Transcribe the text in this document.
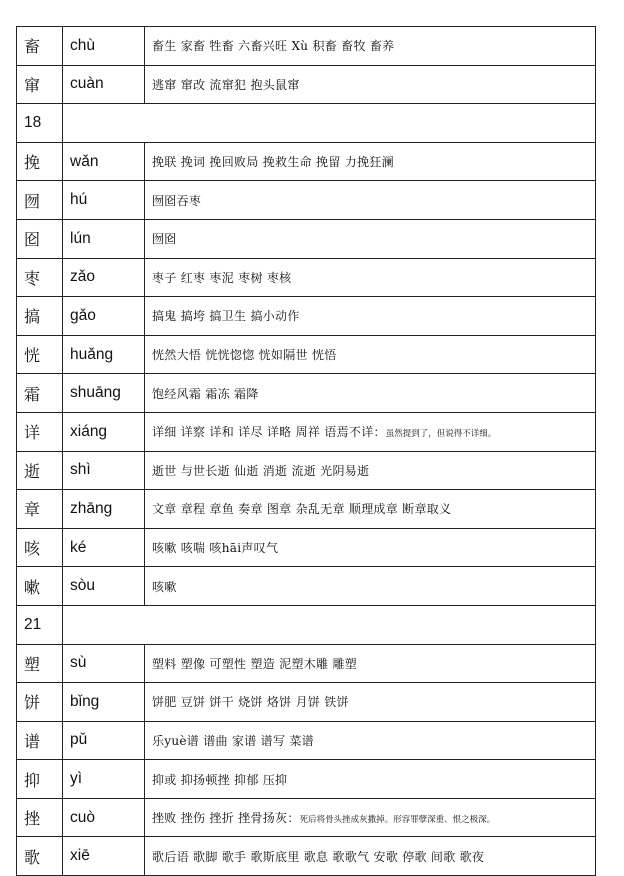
畜	chù	畜生 家畜 牲畜 六畜兴旺 Xù 积畜 畜牧 畜养
窜	cuàn	逃窜 窜改 流窜犯 抱头鼠窜
18		
挽	wǎn	挽联 挽词 挽回败局 挽救生命 挽留 力挽狂澜
囫	hú	囫囵吞枣
囵	lún	囫囵
枣	zǎo	枣子 红枣 枣泥 枣树 枣核
搞	gǎo	搞鬼 搞垮 搞卫生 搞小动作
恍	huǎng	恍然大悟 恍恍惚惚 恍如隔世 恍悟
霜	shuāng	饱经风霜 霜冻 霜降
详	xiáng	详细 详察 详和 详尽 详略 周祥 语焉不详：虽然提到了，但说得不详细。
逝	shì	逝世 与世长逝 仙逝 消逝 流逝 光阴易逝
章	zhāng	文章 章程 章鱼 奏章 图章 杂乱无章 顺理成章 断章取义
咳	ké	咳嗽 咳喘 咳hāi声叹气
嗽	sòu	咳嗽
21		
塑	sù	塑料 塑像 可塑性 塑造 泥塑木雕 雕塑
饼	bǐng	饼肥 豆饼 饼干 烧饼 烙饼 月饼 铁饼
谱	pǔ	乐yuè谱 谱曲 家谱 谱写 菜谱
抑	yì	抑或 抑扬顿挫 抑郁 压抑
挫	cuò	挫败 挫伤 挫折 挫骨扬灰：死后将骨头挫成灰撒掉。形容罪孽深重、恨之极深。
歌	xiē	歌后语 歌脚 歌手 歌斯底里 歌息 歌歌气 安歌 停歌 间歌 歌夜
